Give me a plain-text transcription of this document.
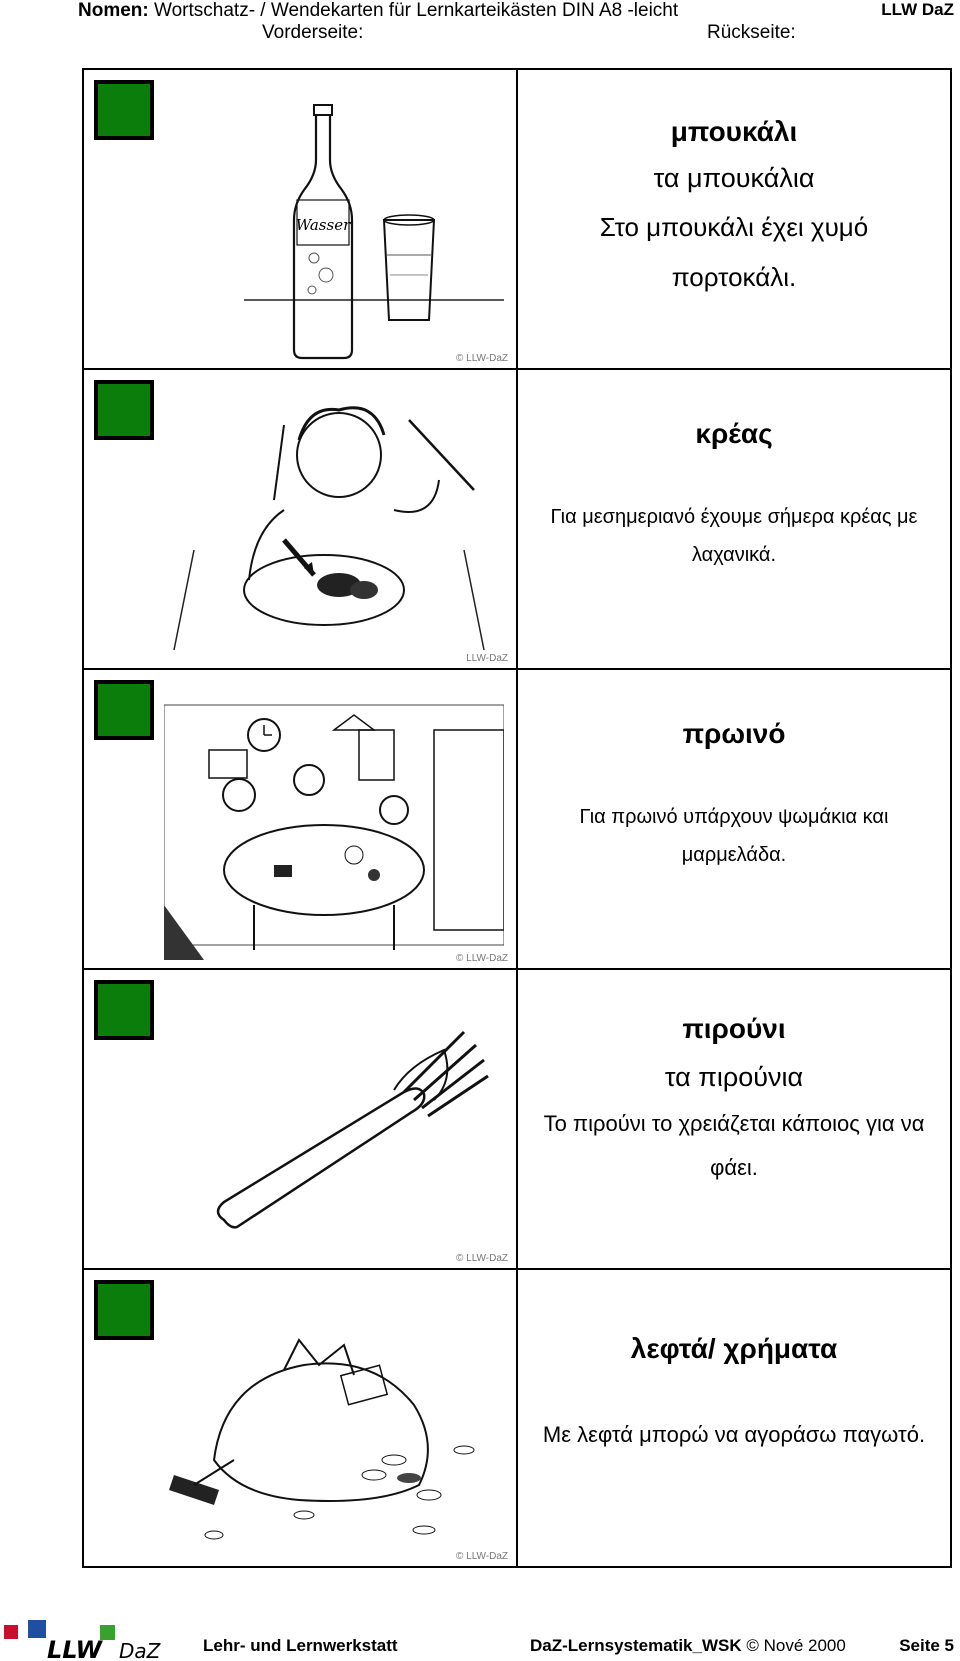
Nomen: Wortschatz- / Wendekarten für Lernkarteikästen DIN A8 -leicht	LLW DaZ
Vorderseite:	Rückseite:
Wasser
© LLW-DaZ
μπουκάλι
τα μπουκάλια
Στο μπουκάλι έχει χυμό
πορτοκάλι.
LLW-DaZ
κρέας
Για μεσημεριανό έχουμε σήμερα κρέας με
λαχανικά.
© LLW-DaZ
πρωινό
Για πρωινό υπάρχουν ψωμάκια και
μαρμελάδα.
© LLW-DaZ
πιρούνι
τα πιρούνια
Το πιρούνι το χρειάζεται κάποιος για να
φάει.
© LLW-DaZ
λεφτά/ χρήματα
Με λεφτά μπορώ να αγοράσω παγωτό.
LLW DaZ	Lehr- und Lernwerkstatt	DaZ-Lernsystematik_WSK © Nové 2000	Seite 5
